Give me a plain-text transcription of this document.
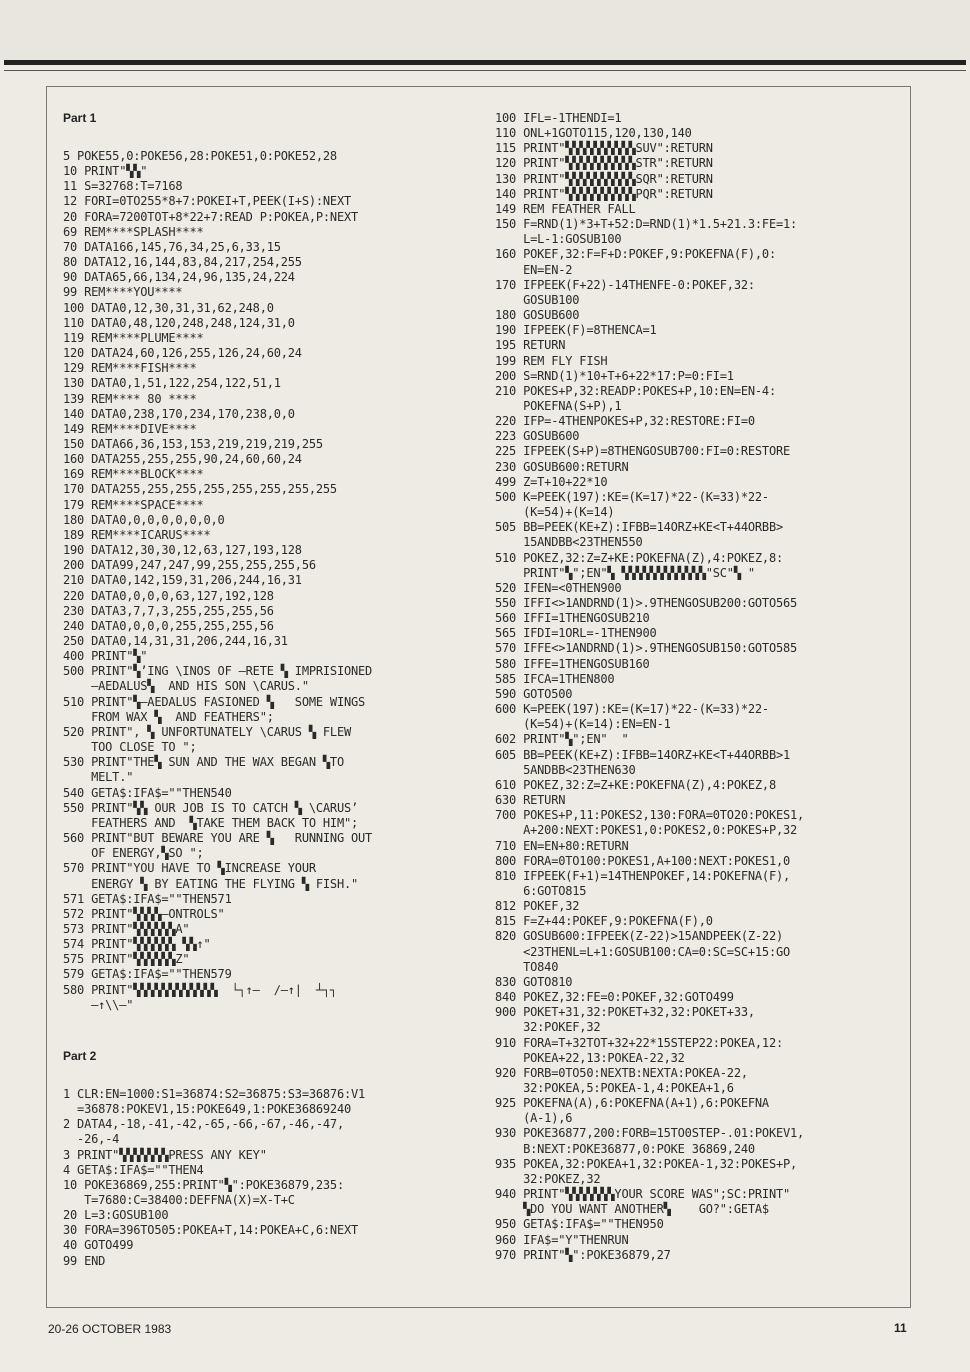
Part 1
5 POKE55,0:POKE56,28:POKE51,0:POKE52,28
10 PRINT"▚▚"
11 S=32768:T=7168
12 FORI=0TO255*8+7:POKEI+T,PEEK(I+S):NEXT
20 FORA=7200TOT+8*22+7:READ P:POKEA,P:NEXT
69 REM****SPLASH****
70 DATA166,145,76,34,25,6,33,15
80 DATA12,16,144,83,84,217,254,255
90 DATA65,66,134,24,96,135,24,224
99 REM****YOU****
100 DATA0,12,30,31,31,62,248,0
110 DATA0,48,120,248,248,124,31,0
119 REM****PLUME****
120 DATA24,60,126,255,126,24,60,24
129 REM****FISH****
130 DATA0,1,51,122,254,122,51,1
139 REM**** 80 ****
140 DATA0,238,170,234,170,238,0,0
149 REM****DIVE****
150 DATA66,36,153,153,219,219,219,255
160 DATA255,255,255,90,24,60,60,24
169 REM****BLOCK****
170 DATA255,255,255,255,255,255,255,255
179 REM****SPACE****
180 DATA0,0,0,0,0,0,0,0
189 REM****ICARUS****
190 DATA12,30,30,12,63,127,193,128
200 DATA99,247,247,99,255,255,255,56
210 DATA0,142,159,31,206,244,16,31
220 DATA0,0,0,0,63,127,192,128
230 DATA3,7,7,3,255,255,255,56
240 DATA0,0,0,0,255,255,255,56
250 DATA0,14,31,31,206,244,16,31
400 PRINT"▚"
500 PRINT"▚’ING \INOS OF ‒RETE ▚ IMPRISIONED
‒AEDALUS▚  AND HIS SON \CARUS."
510 PRINT"▚‒AEDALUS FASIONED ▚   SOME WINGS
FROM WAX ▚  AND FEATHERS";
520 PRINT", ▚ UNFORTUNATELY \CARUS ▚ FLEW
TOO CLOSE TO ";
530 PRINT"THE▚ SUN AND THE WAX BEGAN ▚TO
MELT."
540 GETA$:IFA$=""THEN540
550 PRINT"▚▚ OUR JOB IS TO CATCH ▚ \CARUS’
FEATHERS AND  ▚TAKE THEM BACK TO HIM";
560 PRINT"BUT BEWARE YOU ARE ▚   RUNNING OUT
OF ENERGY,▚SO ";
570 PRINT"YOU HAVE TO ▚INCREASE YOUR
ENERGY ▚ BY EATING THE FLYING ▚ FISH."
571 GETA$:IFA$=""THEN571
572 PRINT"▚▚▚▚‒ONTROLS"
573 PRINT"▚▚▚▚▚▚A"
574 PRINT"▚▚▚▚▚▚ ▚▚↑"
575 PRINT"▚▚▚▚▚▚Z"
579 GETA$:IFA$=""THEN579
580 PRINT"▚▚▚▚▚▚▚▚▚▚▚▚  └┐↑‒  ∕‒↑|  ┴┐┐
‒↑\\‒"
Part 2
1 CLR:EN=1000:S1=36874:S2=36875:S3=36876:V1
=36878:POKEV1,15:POKE649,1:POKE36869240
2 DATA4,-18,-41,-42,-65,-66,-67,-46,-47,
-26,-4
3 PRINT"▚▚▚▚▚▚▚PRESS ANY KEY"
4 GETA$:IFA$=""THEN4
10 POKE36869,255:PRINT"▚":POKE36879,235:
T=7680:C=38400:DEFFNA(X)=X-T+C
20 L=3:GOSUB100
30 FORA=396TO505:POKEA+T,14:POKEA+C,6:NEXT
40 GOTO499
99 END
100 IFL=-1THENDI=1
110 ONL+1GOTO115,120,130,140
115 PRINT"▚▚▚▚▚▚▚▚▚▚SUV":RETURN
120 PRINT"▚▚▚▚▚▚▚▚▚▚STR":RETURN
130 PRINT"▚▚▚▚▚▚▚▚▚▚SQR":RETURN
140 PRINT"▚▚▚▚▚▚▚▚▚▚PQR":RETURN
149 REM FEATHER FALL
150 F=RND(1)*3+T+52:D=RND(1)*1.5+21.3:FE=1:
L=L-1:GOSUB100
160 POKEF,32:F=F+D:POKEF,9:POKEFNA(F),0:
EN=EN-2
170 IFPEEK(F+22)-14THENFE-0:POKEF,32:
GOSUB100
180 GOSUB600
190 IFPEEK(F)=8THENCA=1
195 RETURN
199 REM FLY FISH
200 S=RND(1)*10+T+6+22*17:P=0:FI=1
210 POKES+P,32:READP:POKES+P,10:EN=EN-4:
POKEFNA(S+P),1
220 IFP=-4THENPOKES+P,32:RESTORE:FI=0
223 GOSUB600
225 IFPEEK(S+P)=8THENGOSUB700:FI=0:RESTORE
230 GOSUB600:RETURN
499 Z=T+10+22*10
500 K=PEEK(197):KE=(K=17)*22-(K=33)*22-
(K=54)+(K=14)
505 BB=PEEK(KE+Z):IFBB=14ORZ+KE<T+44ORBB>
15ANDBB<23THEN550
510 POKEZ,32:Z=Z+KE:POKEFNA(Z),4:POKEZ,8:
PRINT"▚";EN"▚ ▚▚▚▚▚▚▚▚▚▚▚▚"SC"▚ "
520 IFEN=<0THEN900
550 IFFI<>1ANDRND(1)>.9THENGOSUB200:GOTO565
560 IFFI=1THENGOSUB210
565 IFDI=1ORL=-1THEN900
570 IFFE<>1ANDRND(1)>.9THENGOSUB150:GOTO585
580 IFFE=1THENGOSUB160
585 IFCA=1THEN800
590 GOTO500
600 K=PEEK(197):KE=(K=17)*22-(K=33)*22-
(K=54)+(K=14):EN=EN-1
602 PRINT"▚";EN"  "
605 BB=PEEK(KE+Z):IFBB=14ORZ+KE<T+44ORBB>1
5ANDBB<23THEN630
610 POKEZ,32:Z=Z+KE:POKEFNA(Z),4:POKEZ,8
630 RETURN
700 POKES+P,11:POKES2,130:FORA=0TO20:POKES1,
A+200:NEXT:POKES1,0:POKES2,0:POKES+P,32
710 EN=EN+80:RETURN
800 FORA=0TO100:POKES1,A+100:NEXT:POKES1,0
810 IFPEEK(F+1)=14THENPOKEF,14:POKEFNA(F),
6:GOTO815
812 POKEF,32
815 F=Z+44:POKEF,9:POKEFNA(F),0
820 GOSUB600:IFPEEK(Z-22)>15ANDPEEK(Z-22)
<23THENL=L+1:GOSUB100:CA=0:SC=SC+15:GO
TO840
830 GOTO810
840 POKEZ,32:FE=0:POKEF,32:GOTO499
900 POKET+31,32:POKET+32,32:POKET+33,
32:POKEF,32
910 FORA=T+32TOT+32+22*15STEP22:POKEA,12:
POKEA+22,13:POKEA-22,32
920 FORB=0TO50:NEXTB:NEXTA:POKEA-22,
32:POKEA,5:POKEA-1,4:POKEA+1,6
925 POKEFNA(A),6:POKEFNA(A+1),6:POKEFNA
(A-1),6
930 POKE36877,200:FORB=15TO0STEP-.01:POKEV1,
B:NEXT:POKE36877,0:POKE 36869,240
935 POKEA,32:POKEA+1,32:POKEA-1,32:POKES+P,
32:POKEZ,32
940 PRINT"▚▚▚▚▚▚▚YOUR SCORE WAS";SC:PRINT"
▚DO YOU WANT ANOTHER▚    GO?":GETA$
950 GETA$:IFA$=""THEN950
960 IFA$="Y"THENRUN
970 PRINT"▚":POKE36879,27
20-26 OCTOBER 1983	11
